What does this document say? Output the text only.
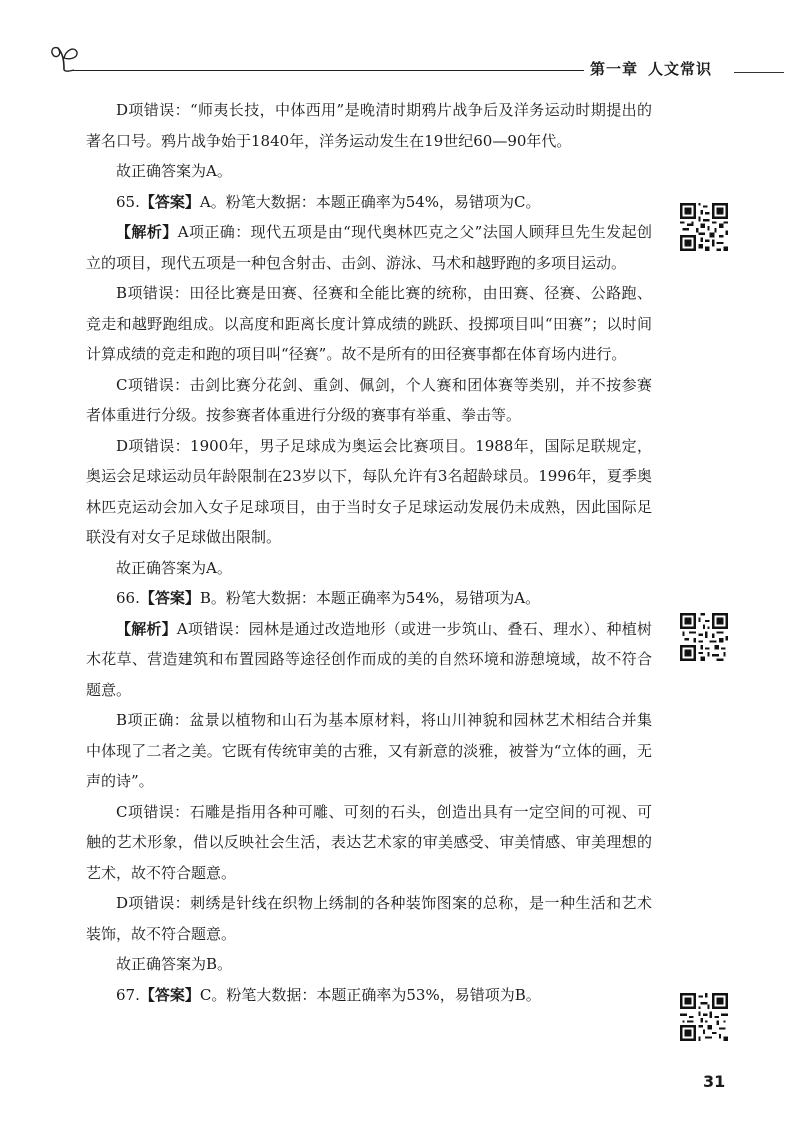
第一章 人文常识

D项错误：“师夷长技，中体西用”是晚清时期鸦片战争后及洋务运动时期提出的著名口号。鸦片战争始于1840年，洋务运动发生在19世纪60—90年代。

故正确答案为A。

65.【答案】A。粉笔大数据：本题正确率为54%，易错项为C。

【解析】A项正确：现代五项是由“现代奥林匹克之父”法国人顾拜旦先生发起创立的项目，现代五项是一种包含射击、击剑、游泳、马术和越野跑的多项目运动。

B项错误：田径比赛是田赛、径赛和全能比赛的统称，由田赛、径赛、公路跑、竞走和越野跑组成。以高度和距离长度计算成绩的跳跃、投掷项目叫“田赛”；以时间计算成绩的竞走和跑的项目叫“径赛”。故不是所有的田径赛事都在体育场内进行。

C项错误：击剑比赛分花剑、重剑、佩剑，个人赛和团体赛等类别，并不按参赛者体重进行分级。按参赛者体重进行分级的赛事有举重、拳击等。

D项错误：1900年，男子足球成为奥运会比赛项目。1988年，国际足联规定，奥运会足球运动员年龄限制在23岁以下，每队允许有3名超龄球员。1996年，夏季奥林匹克运动会加入女子足球项目，由于当时女子足球运动发展仍未成熟，因此国际足联没有对女子足球做出限制。

故正确答案为A。

66.【答案】B。粉笔大数据：本题正确率为54%，易错项为A。

【解析】A项错误：园林是通过改造地形（或进一步筑山、叠石、理水）、种植树木花草、营造建筑和布置园路等途径创作而成的美的自然环境和游憩境域，故不符合题意。

B项正确：盆景以植物和山石为基本原材料，将山川神貌和园林艺术相结合并集中体现了二者之美。它既有传统审美的古雅，又有新意的淡雅，被誉为“立体的画，无声的诗”。

C项错误：石雕是指用各种可雕、可刻的石头，创造出具有一定空间的可视、可触的艺术形象，借以反映社会生活，表达艺术家的审美感受、审美情感、审美理想的艺术，故不符合题意。

D项错误：刺绣是针线在织物上绣制的各种装饰图案的总称，是一种生活和艺术装饰，故不符合题意。

故正确答案为B。

67.【答案】C。粉笔大数据：本题正确率为53%，易错项为B。

31
